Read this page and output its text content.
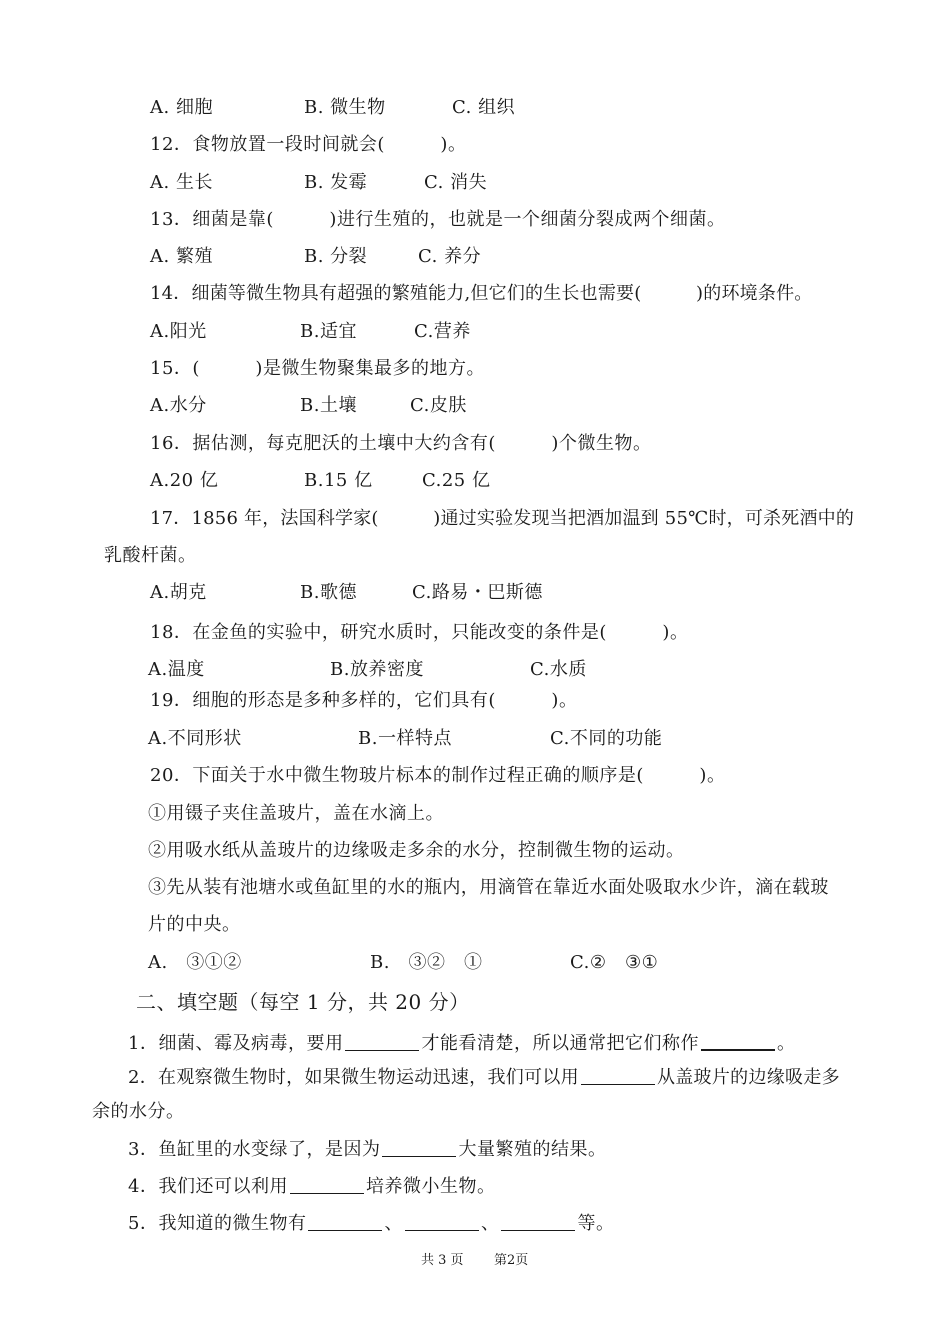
A. 细胞	B. 微生物	C. 组织
12．食物放置一段时间就会(　　　)。
A. 生长	B. 发霉	C. 消失
13．细菌是靠(　　　)进行生殖的，也就是一个细菌分裂成两个细菌。
A. 繁殖	B. 分裂	C. 养分
14．细菌等微生物具有超强的繁殖能力,但它们的生长也需要(　　　)的环境条件。
A.阳光	B.适宜	C.营养
15．(　　　)是微生物聚集最多的地方。
A.水分	B.土壤	C.皮肤
16．据估测，每克肥沃的土壤中大约含有(　　　)个微生物。
A.20 亿	B.15 亿	C.25 亿
17．1856 年，法国科学家(　　　)通过实验发现当把酒加温到 55℃时，可杀死酒中的
乳酸杆菌。
A.胡克	B.歌德	C.路易・巴斯德
18．在金鱼的实验中，研究水质时，只能改变的条件是(　　　)。
A.温度	B.放养密度	C.水质
19．细胞的形态是多种多样的，它们具有(　　　)。
A.不同形状	B.一样特点	C.不同的功能
20．下面关于水中微生物玻片标本的制作过程正确的顺序是(　　　)。
①用镊子夹住盖玻片，盖在水滴上。
②用吸水纸从盖玻片的边缘吸走多余的水分，控制微生物的运动。
③先从装有池塘水或鱼缸里的水的瓶内，用滴管在靠近水面处吸取水少许，滴在载玻
片的中央。
A.　③①②	B.　③②　①	C.②　③①
二、填空题（每空 1 分，共 20 分）
1．细菌、霉及病毒，要用	才能看清楚，所以通常把它们称作	。
2．在观察微生物时，如果微生物运动迅速，我们可以用	从盖玻片的边缘吸走多
余的水分。
3．鱼缸里的水变绿了，是因为	大量繁殖的结果。
4．我们还可以利用	培养微小生物。
5．我知道的微生物有	、	、	等。
共 3 页 第2页
